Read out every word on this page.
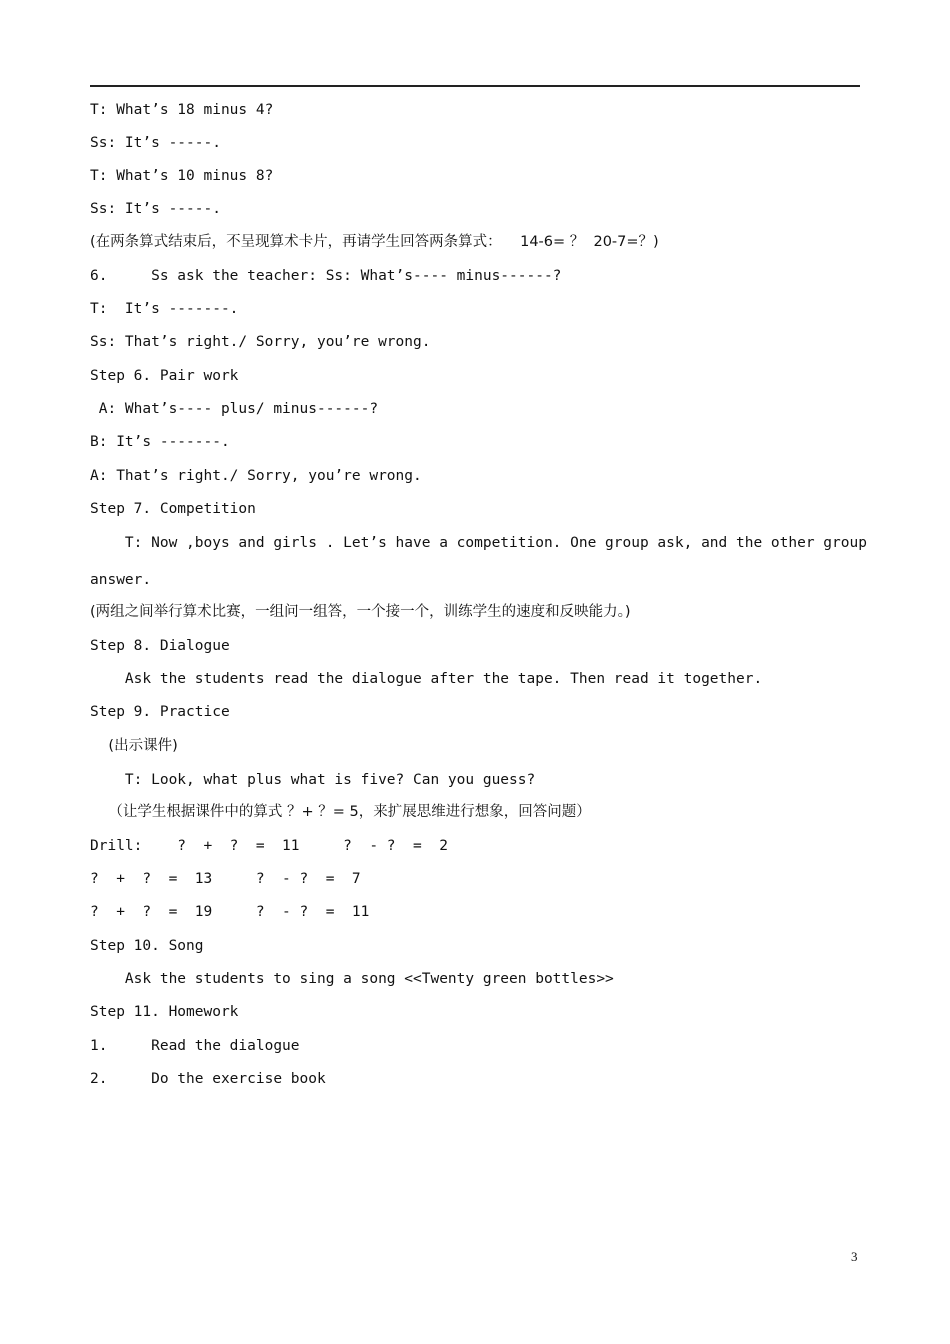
T: What’s 18 minus 4?
Ss: It’s -----.
T: What’s 10 minus 8?
Ss: It’s -----.
(在两条算式结束后，不呈现算术卡片，再请学生回答两条算式：    14-6= ？  20-7=？)
6.     Ss ask the teacher: Ss: What’s---- minus------?
T:  It’s -------.
Ss: That’s right./ Sorry, you’re wrong.
Step 6. Pair work
A: What’s---- plus/ minus------?
B: It’s -------.
A: That’s right./ Sorry, you’re wrong.
Step 7. Competition
T: Now ,boys and girls . Let’s have a competition. One group ask, and the other group
answer.
(两组之间举行算术比赛，一组问一组答，一个接一个，训练学生的速度和反映能力。)
Step 8. Dialogue
Ask the students read the dialogue after the tape. Then read it together.
Step 9. Practice
(出示课件)
T: Look, what plus what is five? Can you guess?
（让学生根据课件中的算式 ？+ ？= 5，来扩展思维进行想象，回答问题）
Drill:    ?  +  ?  =  11     ?  - ?  =  2
?  +  ?  =  13     ?  - ?  =  7
?  +  ?  =  19     ?  - ?  =  11
Step 10. Song
Ask the students to sing a song <<Twenty green bottles>>
Step 11. Homework
1.     Read the dialogue
2.     Do the exercise book
3
